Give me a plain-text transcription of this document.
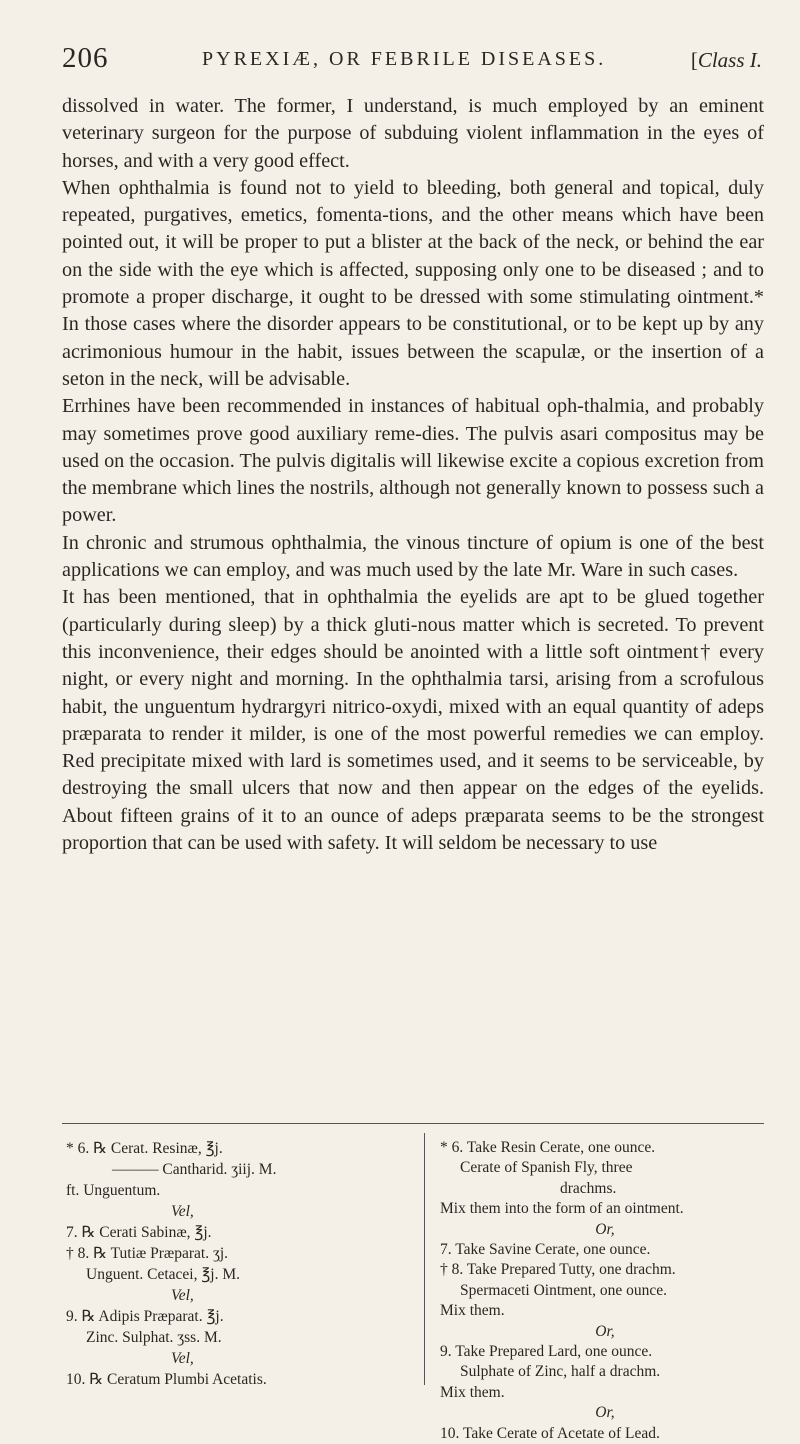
206	PYREXIÆ, OR FEBRILE DISEASES.	[Class I.

dissolved in water. The former, I understand, is much employed by an eminent veterinary surgeon for the purpose of subduing violent inflammation in the eyes of horses, and with a very good effect.

When ophthalmia is found not to yield to bleeding, both general and topical, duly repeated, purgatives, emetics, fomenta-tions, and the other means which have been pointed out, it will be proper to put a blister at the back of the neck, or behind the ear on the side with the eye which is affected, supposing only one to be diseased ; and to promote a proper discharge, it ought to be dressed with some stimulating ointment.* In those cases where the disorder appears to be constitutional, or to be kept up by any acrimonious humour in the habit, issues between the scapulæ, or the insertion of a seton in the neck, will be advisable.

Errhines have been recommended in instances of habitual oph-thalmia, and probably may sometimes prove good auxiliary reme-dies. The pulvis asari compositus may be used on the occasion. The pulvis digitalis will likewise excite a copious excretion from the membrane which lines the nostrils, although not generally known to possess such a power.

In chronic and strumous ophthalmia, the vinous tincture of opium is one of the best applications we can employ, and was much used by the late Mr. Ware in such cases.

It has been mentioned, that in ophthalmia the eyelids are apt to be glued together (particularly during sleep) by a thick gluti-nous matter which is secreted. To prevent this inconvenience, their edges should be anointed with a little soft ointment† every night, or every night and morning. In the ophthalmia tarsi, arising from a scrofulous habit, the unguentum hydrargyri nitrico-oxydi, mixed with an equal quantity of adeps præparata to render it milder, is one of the most powerful remedies we can employ. Red precipitate mixed with lard is sometimes used, and it seems to be serviceable, by destroying the small ulcers that now and then appear on the edges of the eyelids. About fifteen grains of it to an ounce of adeps præparata seems to be the strongest proportion that can be used with safety. It will seldom be necessary to use

* 6. ℞ Cerat. Resinæ, ℥j.
——— Cantharid. ʒiij. M.
ft. Unguentum.
Vel,
7. ℞ Cerati Sabinæ, ℥j.
† 8. ℞ Tutiæ Præparat. ʒj.
Unguent. Cetacei, ℥j. M.
Vel,
9. ℞ Adipis Præparat. ℥j.
Zinc. Sulphat. ʒss. M.
Vel,
10. ℞ Ceratum Plumbi Acetatis.
* 6. Take Resin Cerate, one ounce.
Cerate of Spanish Fly, three
drachms.
Mix them into the form of an ointment.
Or,
7. Take Savine Cerate, one ounce.
† 8. Take Prepared Tutty, one drachm.
Spermaceti Ointment, one ounce.
Mix them.
Or,
9. Take Prepared Lard, one ounce.
Sulphate of Zinc, half a drachm.
Mix them.
Or,
10. Take Cerate of Acetate of Lead.
